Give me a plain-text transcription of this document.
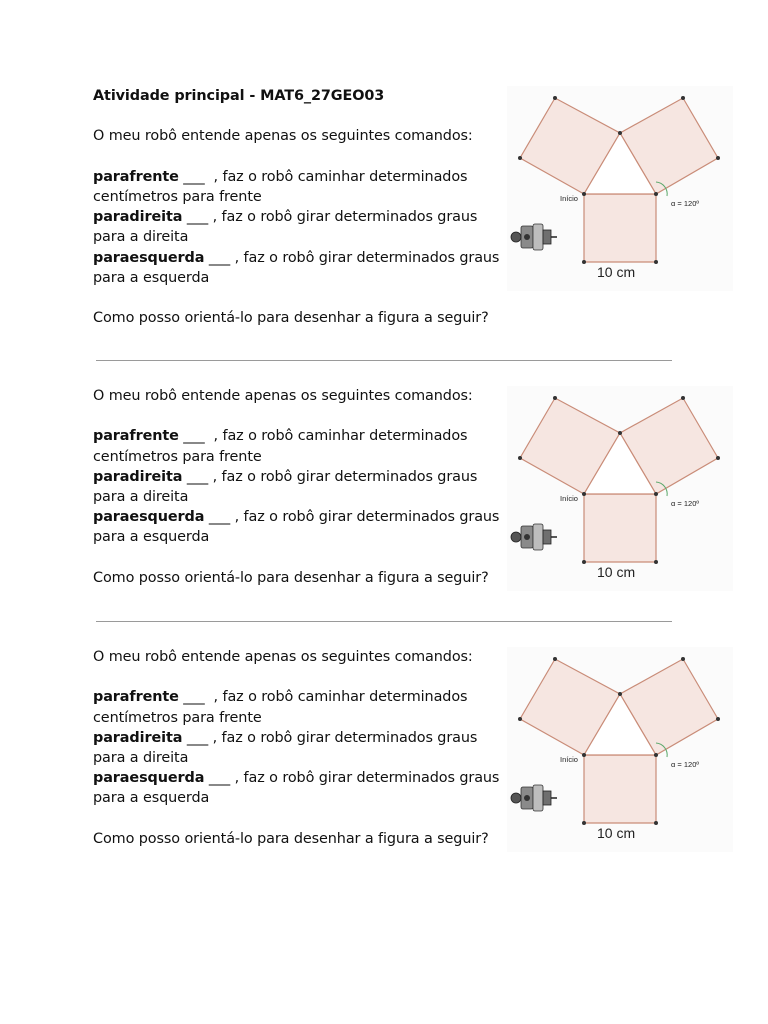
Atividade principal - MAT6_27GEO03

O meu robô entende apenas os seguintes comandos:

parafrente ___  , faz o robô caminhar determinados

centímetros para frente

paradireita ___ , faz o robô girar determinados graus

para a direita

paraesquerda ___ , faz o robô girar determinados graus

para a esquerda

Como posso orientá-lo para desenhar a figura a seguir?

Início
α = 120º
10 cm

O meu robô entende apenas os seguintes comandos:

parafrente ___  , faz o robô caminhar determinados

centímetros para frente

paradireita ___ , faz o robô girar determinados graus

para a direita

paraesquerda ___ , faz o robô girar determinados graus

para a esquerda

Como posso orientá-lo para desenhar a figura a seguir?

Início
α = 120º
10 cm

O meu robô entende apenas os seguintes comandos:

parafrente ___  , faz o robô caminhar determinados

centímetros para frente

paradireita ___ , faz o robô girar determinados graus

para a direita

paraesquerda ___ , faz o robô girar determinados graus

para a esquerda

Como posso orientá-lo para desenhar a figura a seguir?

Início
α = 120º
10 cm
